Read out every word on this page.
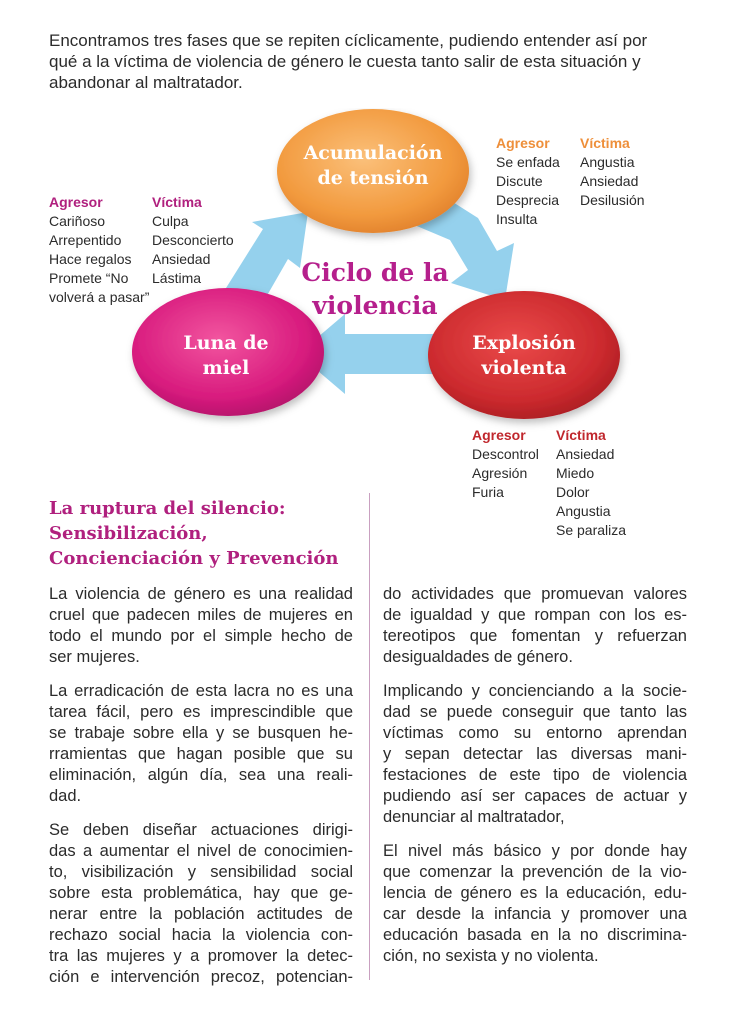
Encontramos tres fases que se repiten cíclicamente, pudiendo entender así por
qué a la víctima de violencia de género le cuesta tanto salir de esta situación y
abandonar al maltratador.

Acumulación
de tensión
Explosión
violenta
Luna de
miel
Ciclo de la
violencia
Agresor
Se enfada
Discute
Desprecia
Insulta
Víctima
Angustia
Ansiedad
Desilusión
Agresor
Cariñoso
Arrepentido
Hace regalos
Promete “No
volverá a pasar”
Víctima
Culpa
Desconcierto
Ansiedad
Lástima
Agresor
Descontrol
Agresión
Furia
Víctima
Ansiedad
Miedo
Dolor
Angustia
Se paraliza
La ruptura del silencio:
Sensibilización,
Concienciación y Prevención

La violencia de género es una realidad
cruel que padecen miles de mujeres en
todo el mundo por el simple hecho de
ser mujeres.

La erradicación de esta lacra no es una
tarea fácil, pero es imprescindible que
se trabaje sobre ella y se busquen he-
rramientas que hagan posible que su
eliminación, algún día, sea una reali-
dad.

Se deben diseñar actuaciones dirigi-
das a aumentar el nivel de conocimien-
to, visibilización y sensibilidad social
sobre esta problemática, hay que ge-
nerar entre la población actitudes de
rechazo social hacia la violencia con-
tra las mujeres y a promover la detec-
ción e intervención precoz, potencian-

do actividades que promuevan valores
de igualdad y que rompan con los es-
tereotipos que fomentan y refuerzan
desigualdades de género.

Implicando y concienciando a la socie-
dad se puede conseguir que tanto las
víctimas como su entorno aprendan
y sepan detectar las diversas mani-
festaciones de este tipo de violencia
pudiendo así ser capaces de actuar y
denunciar al maltratador,

El nivel más básico y por donde hay
que comenzar la prevención de la vio-
lencia de género es la educación, edu-
car desde la infancia y promover una
educación basada en la no discrimina-
ción, no sexista y no violenta.
